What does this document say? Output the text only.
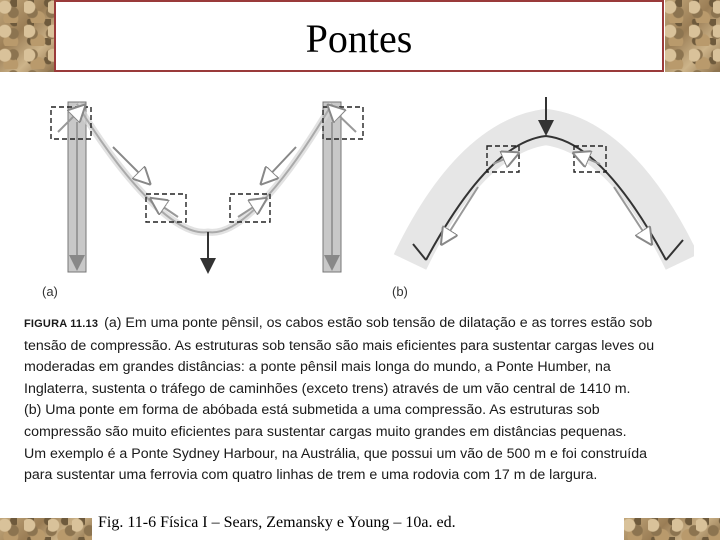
Pontes
(a)	(b)

FIGURA 11.13 (a) Em uma ponte pênsil, os cabos estão sob tensão de dilatação e as torres estão sob
tensão de compressão. As estruturas sob tensão são mais eficientes para sustentar cargas leves ou
moderadas em grandes distâncias: a ponte pênsil mais longa do mundo, a Ponte Humber, na
Inglaterra, sustenta o tráfego de caminhões (exceto trens) através de um vão central de 1410 m.
(b) Uma ponte em forma de abóbada está submetida a uma compressão. As estruturas sob
compressão são muito eficientes para sustentar cargas muito grandes em distâncias pequenas.
Um exemplo é a Ponte Sydney Harbour, na Austrália, que possui um vão de 500 m e foi construída
para sustentar uma ferrovia com quatro linhas de trem e uma rodovia com 17 m de largura.

Fig. 11-6 Física I – Sears, Zemansky e Young – 10a. ed.
